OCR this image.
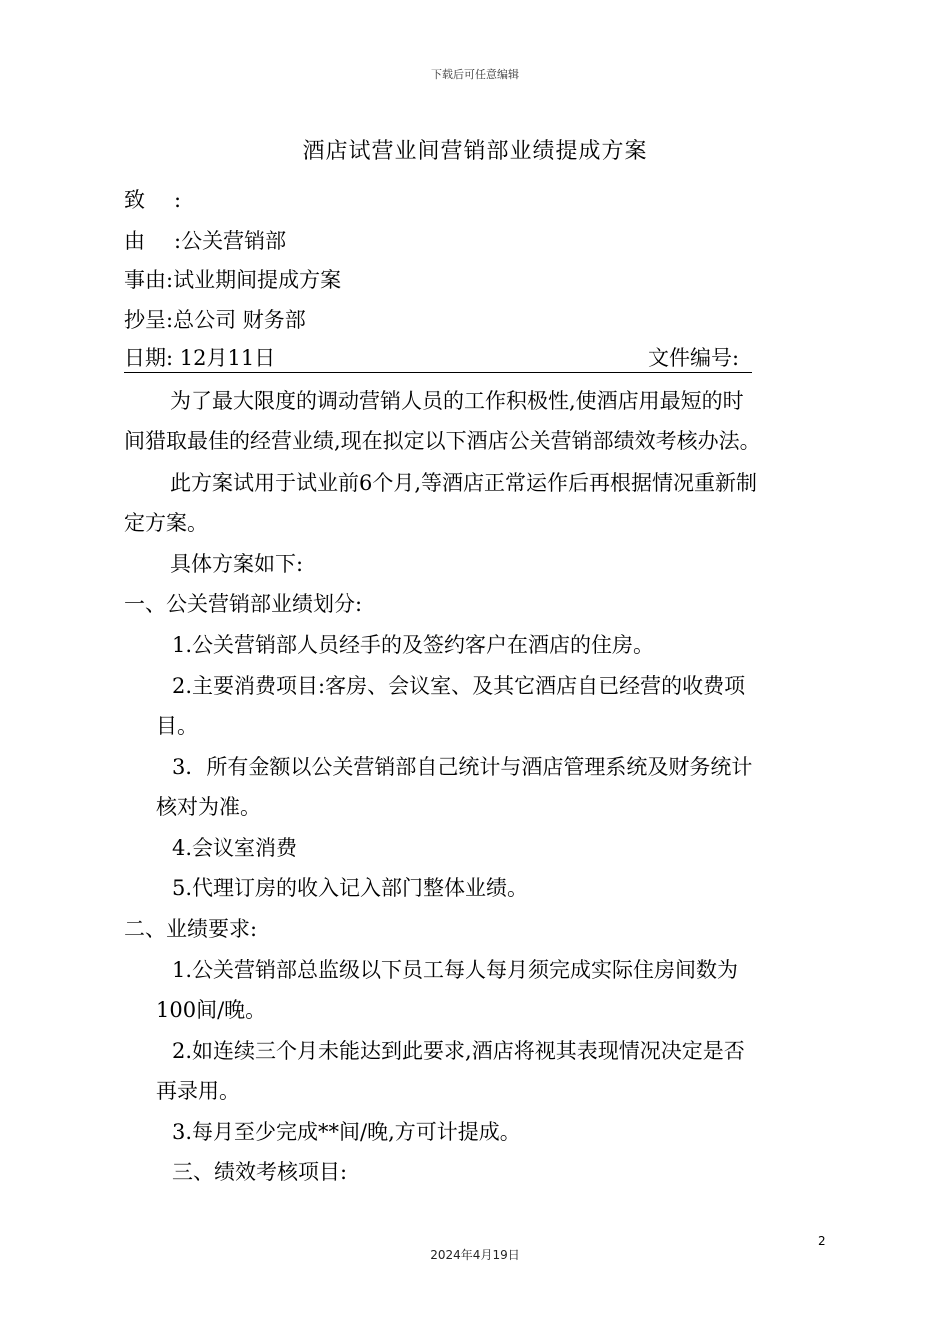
下载后可任意编辑
酒店试营业间营销部业绩提成方案
致 :
由 :公关营销部
事由:试业期间提成方案
抄呈:总公司 财务部
日期: 12月11日	文件编号:
为了最大限度的调动营销人员的工作积极性,使酒店用最短的时
间猎取最佳的经营业绩,现在拟定以下酒店公关营销部绩效考核办法。
此方案试用于试业前6个月,等酒店正常运作后再根据情况重新制
定方案。
具体方案如下:
一、公关营销部业绩划分:
1.公关营销部人员经手的及签约客户在酒店的住房。
2.主要消费项目:客房、会议室、及其它酒店自已经营的收费项
目。
3．所有金额以公关营销部自己统计与酒店管理系统及财务统计
核对为准。
4.会议室消费
5.代理订房的收入记入部门整体业绩。
二、业绩要求:
1.公关营销部总监级以下员工每人每月须完成实际住房间数为
100间/晚。
2.如连续三个月未能达到此要求,酒店将视其表现情况决定是否
再录用。
3.每月至少完成**间/晚,方可计提成。
三、绩效考核项目:
2
2024年4月19日
